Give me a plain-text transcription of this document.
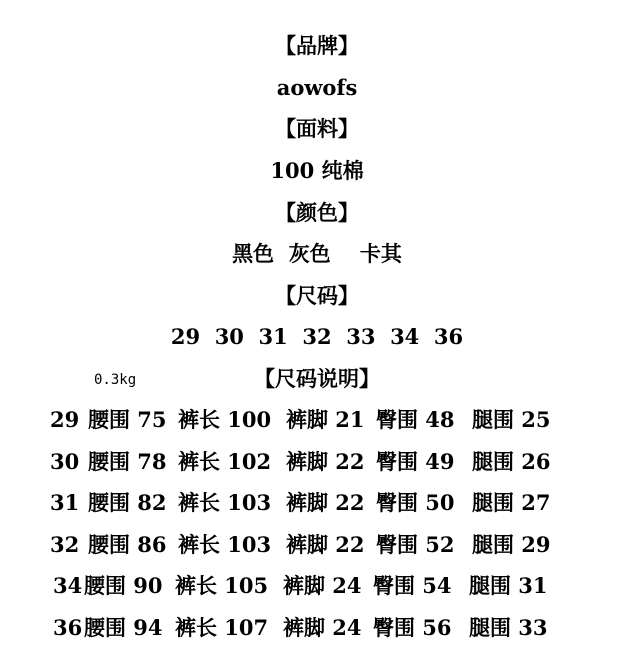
【品牌】
aowofs
【面料】
100 纯棉
【颜色】
黑色  灰色    卡其
【尺码】
29  30  31  32  33  34  36
0.3kg	【尺码说明】
29 腰围 75 裤长 100 裤脚 21 臀围 48 腿围 25
30 腰围 78 裤长 102 裤脚 22 臀围 49 腿围 26
31 腰围 82 裤长 103 裤脚 22 臀围 50 腿围 27
32 腰围 86 裤长 103 裤脚 22 臀围 52 腿围 29
34 腰围 90 裤长 105 裤脚 24 臀围 54 腿围 31
36 腰围 94 裤长 107 裤脚 24 臀围 56 腿围 33
